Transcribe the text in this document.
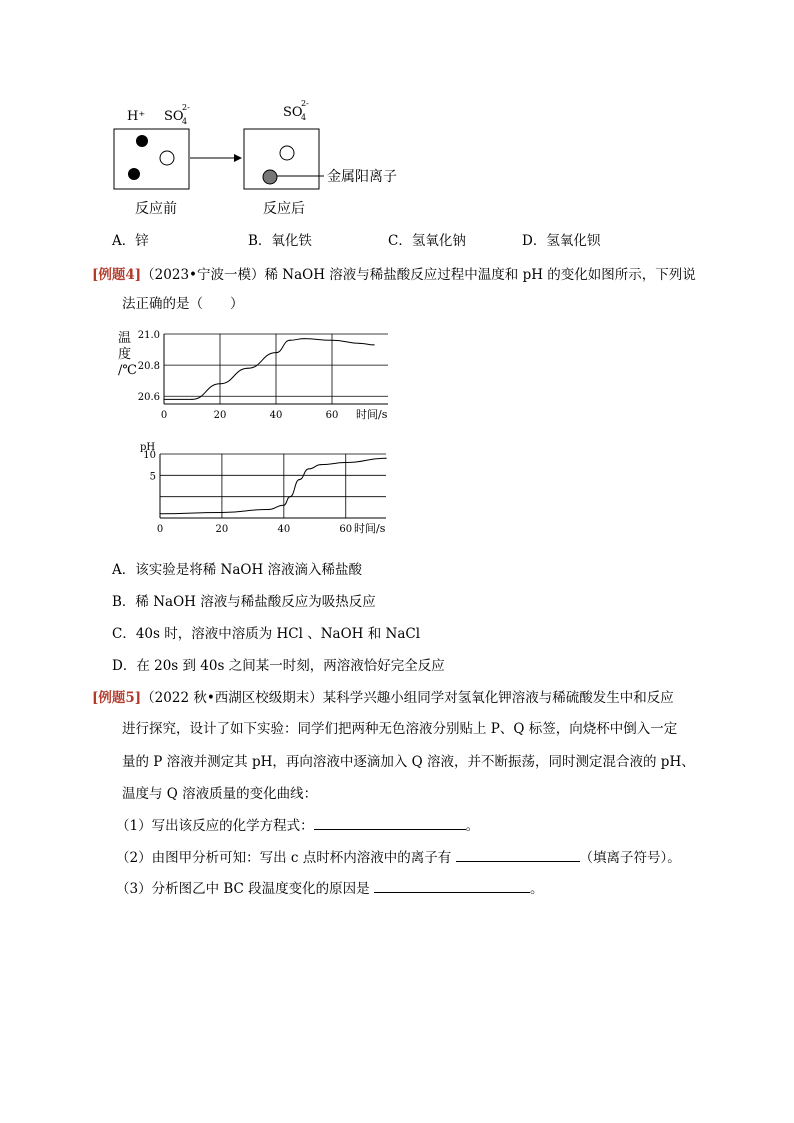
H⁺ SO
4
2-	SO
4
2-
金属阳离子
反应前	反应后
A．锌	B．氧化铁	C．氢氧化钠	D．氢氧化钡
[例题4]（2023•宁波一模）稀 NaOH 溶液与稀盐酸反应过程中温度和 pH 的变化如图所示，下列说
法正确的是（　　）
21.0
20.8
20.6
0	20	40	60 时间/s
温
度
/℃
10
5
0	20	40	60 时间/s
pH
A．该实验是将稀 NaOH 溶液滴入稀盐酸
B．稀 NaOH 溶液与稀盐酸反应为吸热反应
C．40s 时，溶液中溶质为 HCl 、NaOH 和 NaCl
D．在 20s 到 40s 之间某一时刻，两溶液恰好完全反应
[例题5]（2022 秋•西湖区校级期末）某科学兴趣小组同学对氢氧化钾溶液与稀硫酸发生中和反应
进行探究，设计了如下实验：同学们把两种无色溶液分别贴上 P、Q 标签，向烧杯中倒入一定
量的 P 溶液并测定其 pH，再向溶液中逐滴加入 Q 溶液，并不断振荡，同时测定混合液的 pH、
温度与 Q 溶液质量的变化曲线：
（1）写出该反应的化学方程式：	。
（2）由图甲分析可知：写出 c 点时杯内溶液中的离子有	（填离子符号）。
（3）分析图乙中 BC 段温度变化的原因是	。
